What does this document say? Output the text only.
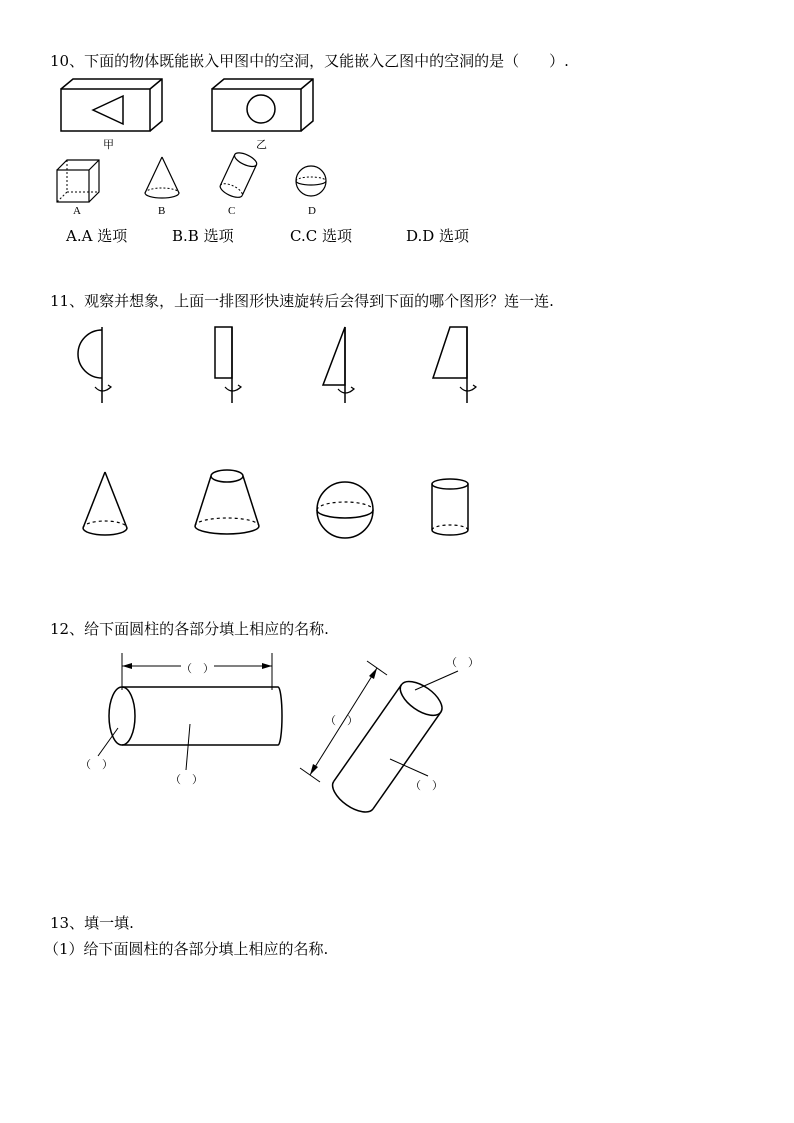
10、下面的物体既能嵌入甲图中的空洞，又能嵌入乙图中的空洞的是（　　）.
甲	乙
A	B	C	D
A.A 选项	B.B 选项	C.C 选项	D.D 选项
11、观察并想象，上面一排图形快速旋转后会得到下面的哪个图形？连一连.
12、给下面圆柱的各部分填上相应的名称.
（　）
（　）
（　）
（　）
（　）
（　）
13、填一填.
（1）给下面圆柱的各部分填上相应的名称.
